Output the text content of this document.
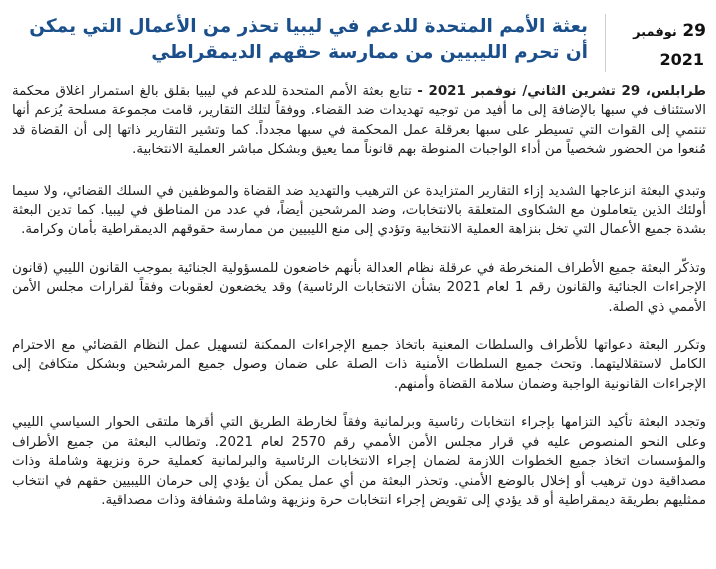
29 نوفمبر
2021
بعثة الأمم المتحدة للدعم في ليبيا تحذر من الأعمال التي يمكن أن تحرم الليبيين من ممارسة حقهم الديمقراطي

طرابلس، 29 تشرين الثاني/ نوفمبر 2021 - تتابع بعثة الأمم المتحدة للدعم في ليبيا بقلق بالغ استمرار اغلاق محكمة الاستئناف في سبها بالإضافة إلى ما أفيد من توجيه تهديدات ضد القضاء. ووفقاً لتلك التقارير، قامت مجموعة مسلحة يُزعم أنها تنتمي إلى القوات التي تسيطر على سبها بعرقلة عمل المحكمة في سبها مجدداً. كما وتشير التقارير ذاتها إلى أن القضاة قد مُنعوا من الحضور شخصياً من أداء الواجبات المنوطة بهم قانوناً مما يعيق وبشكل مباشر العملية الانتخابية.

وتبدي البعثة انزعاجها الشديد إزاء التقارير المتزايدة عن الترهيب والتهديد ضد القضاة والموظفين في السلك القضائي، ولا سيما أولئك الذين يتعاملون مع الشكاوى المتعلقة بالانتخابات، وضد المرشحين أيضاً، في عدد من المناطق في ليبيا. كما تدين البعثة بشدة جميع الأعمال التي تخل بنزاهة العملية الانتخابية وتؤدي إلى منع الليبيين من ممارسة حقوقهم الديمقراطية بأمان وكرامة.

وتذكّر البعثة جميع الأطراف المنخرطة في عرقلة نظام العدالة بأنهم خاضعون للمسؤولية الجنائية بموجب القانون الليبي (قانون الإجراءات الجنائية والقانون رقم 1 لعام 2021 بشأن الانتخابات الرئاسية) وقد يخضعون لعقوبات وفقاً لقرارات مجلس الأمن الأممي ذي الصلة.

وتكرر البعثة دعواتها للأطراف والسلطات المعنية باتخاذ جميع الإجراءات الممكنة لتسهيل عمل النظام القضائي مع الاحترام الكامل لاستقلاليتهما. وتحث جميع السلطات الأمنية ذات الصلة على ضمان وصول جميع المرشحين وبشكل متكافئ إلى الإجراءات القانونية الواجبة وضمان سلامة القضاة وأمنهم.

وتجدد البعثة تأكيد التزامها بإجراء انتخابات رئاسية وبرلمانية وفقاً لخارطة الطريق التي أقرها ملتقى الحوار السياسي الليبي وعلى النحو المنصوص عليه في قرار مجلس الأمن الأممي رقم 2570 لعام 2021. وتطالب البعثة من جميع الأطراف والمؤسسات اتخاذ جميع الخطوات اللازمة لضمان إجراء الانتخابات الرئاسية والبرلمانية كعملية حرة ونزيهة وشاملة وذات مصداقية دون ترهيب أو إخلال بالوضع الأمني. وتحذر البعثة من أي عمل يمكن أن يؤدي إلى حرمان الليبيين حقهم في انتخاب ممثليهم بطريقة ديمقراطية أو قد يؤدي إلى تقويض إجراء انتخابات حرة ونزيهة وشاملة وشفافة وذات مصداقية.
